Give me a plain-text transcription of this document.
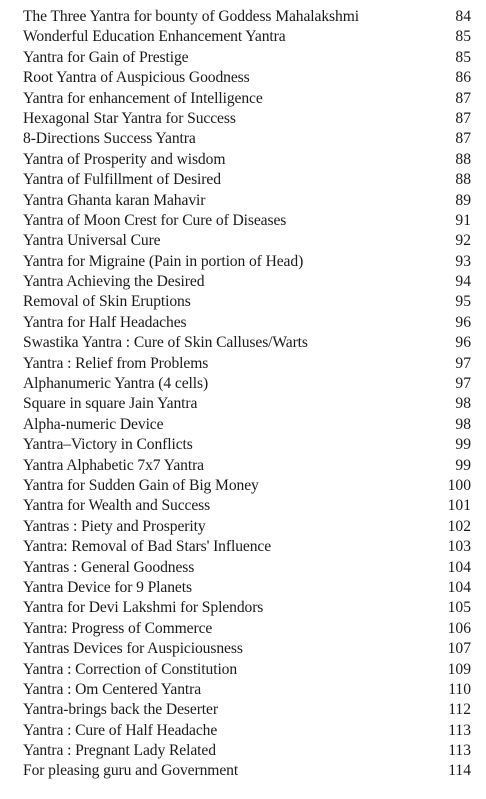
The Three Yantra for bounty of Goddess Mahalakshmi	84
Wonderful Education Enhancement Yantra	85
Yantra for Gain of Prestige	85
Root Yantra of Auspicious Goodness	86
Yantra for enhancement of Intelligence	87
Hexagonal Star Yantra for Success	87
8-Directions Success Yantra	87
Yantra of Prosperity and wisdom	88
Yantra of Fulfillment of Desired	88
Yantra Ghanta karan Mahavir	89
Yantra of Moon Crest for Cure of Diseases	91
Yantra Universal Cure	92
Yantra for Migraine (Pain in portion of Head)	93
Yantra Achieving the Desired	94
Removal of Skin Eruptions	95
Yantra for Half Headaches	96
Swastika Yantra : Cure of Skin Calluses/Warts	96
Yantra : Relief from Problems	97
Alphanumeric Yantra (4 cells)	97
Square in square Jain Yantra	98
Alpha-numeric Device	98
Yantra–Victory in Conflicts	99
Yantra Alphabetic 7x7 Yantra	99
Yantra for Sudden Gain of Big Money	100
Yantra for Wealth and Success	101
Yantras : Piety and Prosperity	102
Yantra: Removal of Bad Stars' Influence	103
Yantras : General Goodness	104
Yantra Device for 9 Planets	104
Yantra for Devi Lakshmi for Splendors	105
Yantra: Progress of Commerce	106
Yantras Devices for Auspiciousness	107
Yantra : Correction of Constitution	109
Yantra : Om Centered Yantra	110
Yantra-brings back the Deserter	112
Yantra : Cure of Half Headache	113
Yantra : Pregnant Lady Related	113
For pleasing guru and Government	114
